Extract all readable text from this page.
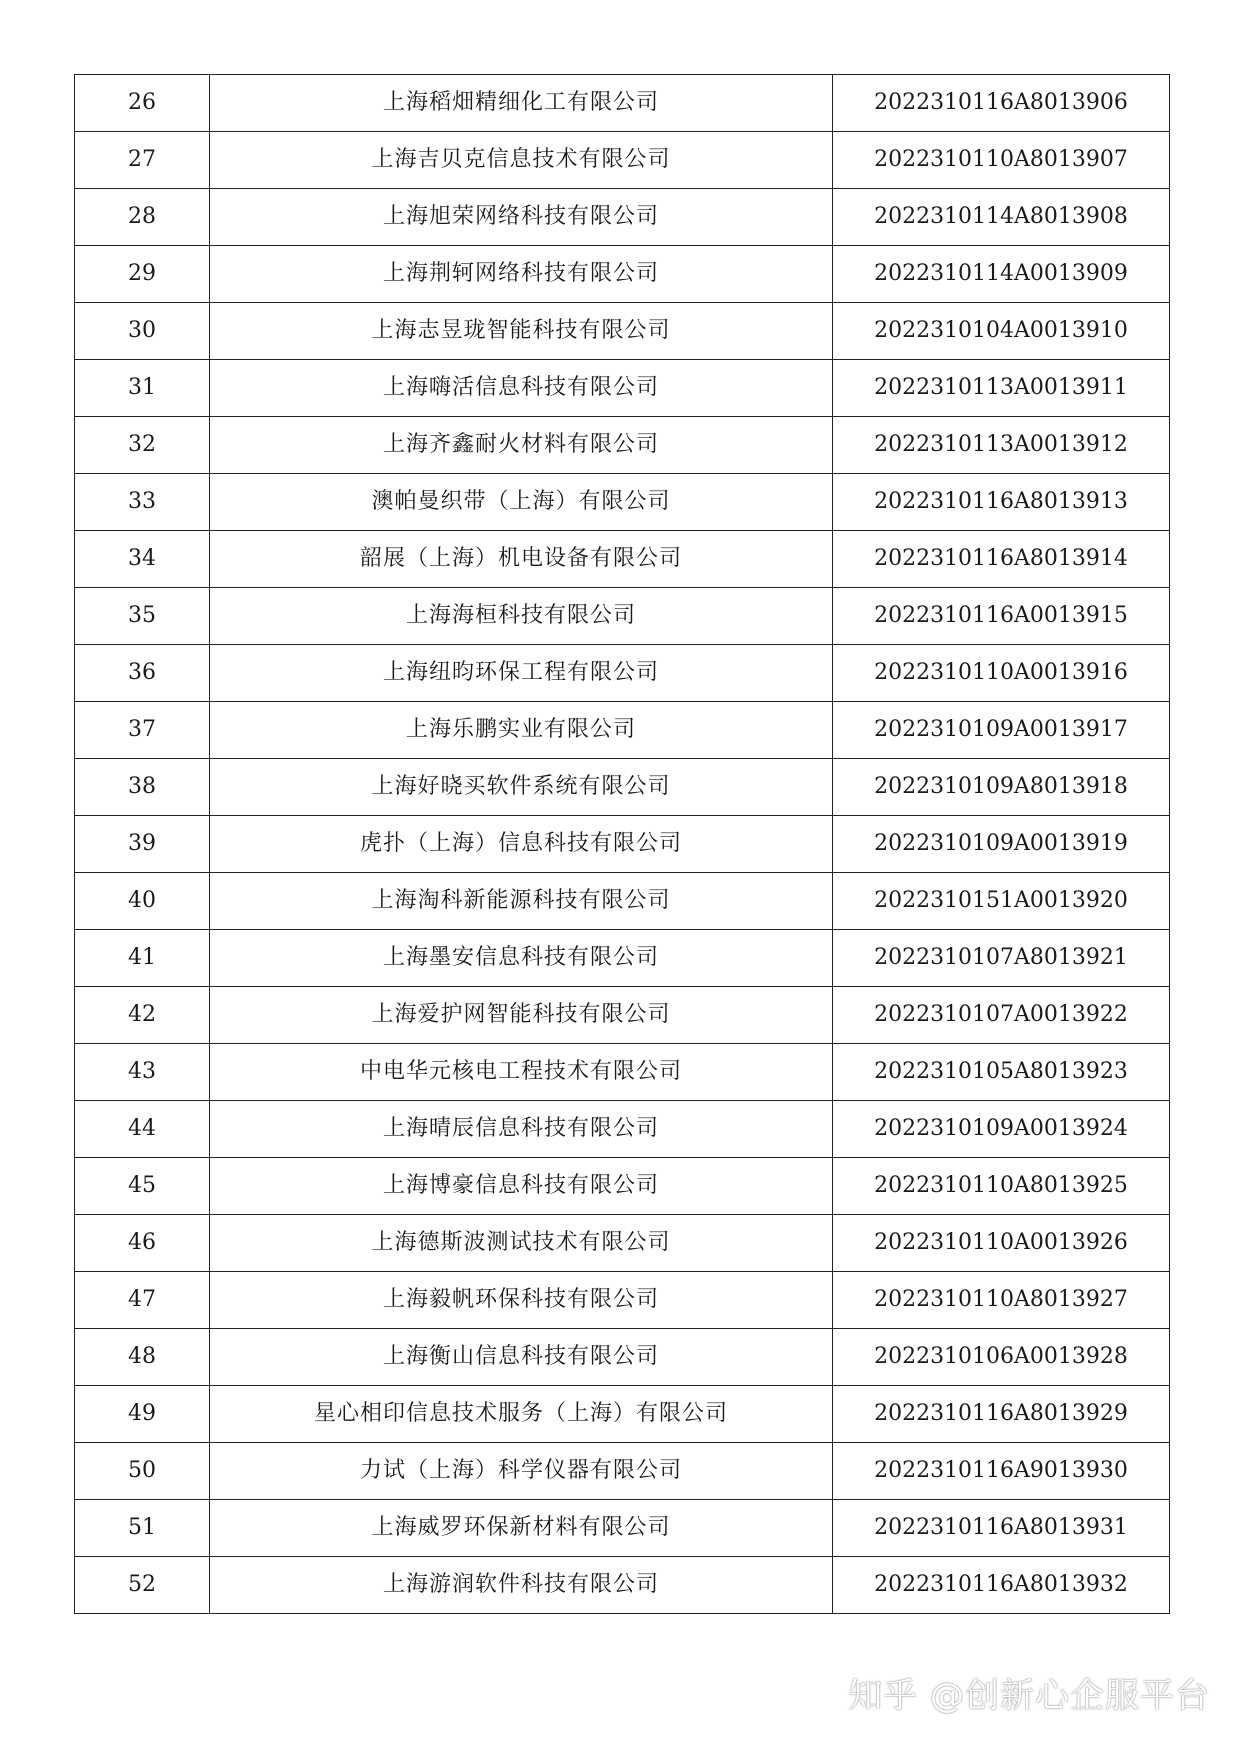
26	上海稻畑精细化工有限公司	2022310116A8013906
27	上海吉贝克信息技术有限公司	2022310110A8013907
28	上海旭荣网络科技有限公司	2022310114A8013908
29	上海荆轲网络科技有限公司	2022310114A0013909
30	上海志昱珑智能科技有限公司	2022310104A0013910
31	上海嗨活信息科技有限公司	2022310113A0013911
32	上海齐鑫耐火材料有限公司	2022310113A0013912
33	澳帕曼织带（上海）有限公司	2022310116A8013913
34	韶展（上海）机电设备有限公司	2022310116A8013914
35	上海海桓科技有限公司	2022310116A0013915
36	上海纽昀环保工程有限公司	2022310110A0013916
37	上海乐鹏实业有限公司	2022310109A0013917
38	上海好晓买软件系统有限公司	2022310109A8013918
39	虎扑（上海）信息科技有限公司	2022310109A0013919
40	上海淘科新能源科技有限公司	2022310151A0013920
41	上海墨安信息科技有限公司	2022310107A8013921
42	上海爱护网智能科技有限公司	2022310107A0013922
43	中电华元核电工程技术有限公司	2022310105A8013923
44	上海晴辰信息科技有限公司	2022310109A0013924
45	上海博豪信息科技有限公司	2022310110A8013925
46	上海德斯波测试技术有限公司	2022310110A0013926
47	上海毅帆环保科技有限公司	2022310110A8013927
48	上海衡山信息科技有限公司	2022310106A0013928
49	星心相印信息技术服务（上海）有限公司	2022310116A8013929
50	力试（上海）科学仪器有限公司	2022310116A9013930
51	上海威罗环保新材料有限公司	2022310116A8013931
52	上海游润软件科技有限公司	2022310116A8013932
知乎 @创新心企服平台
